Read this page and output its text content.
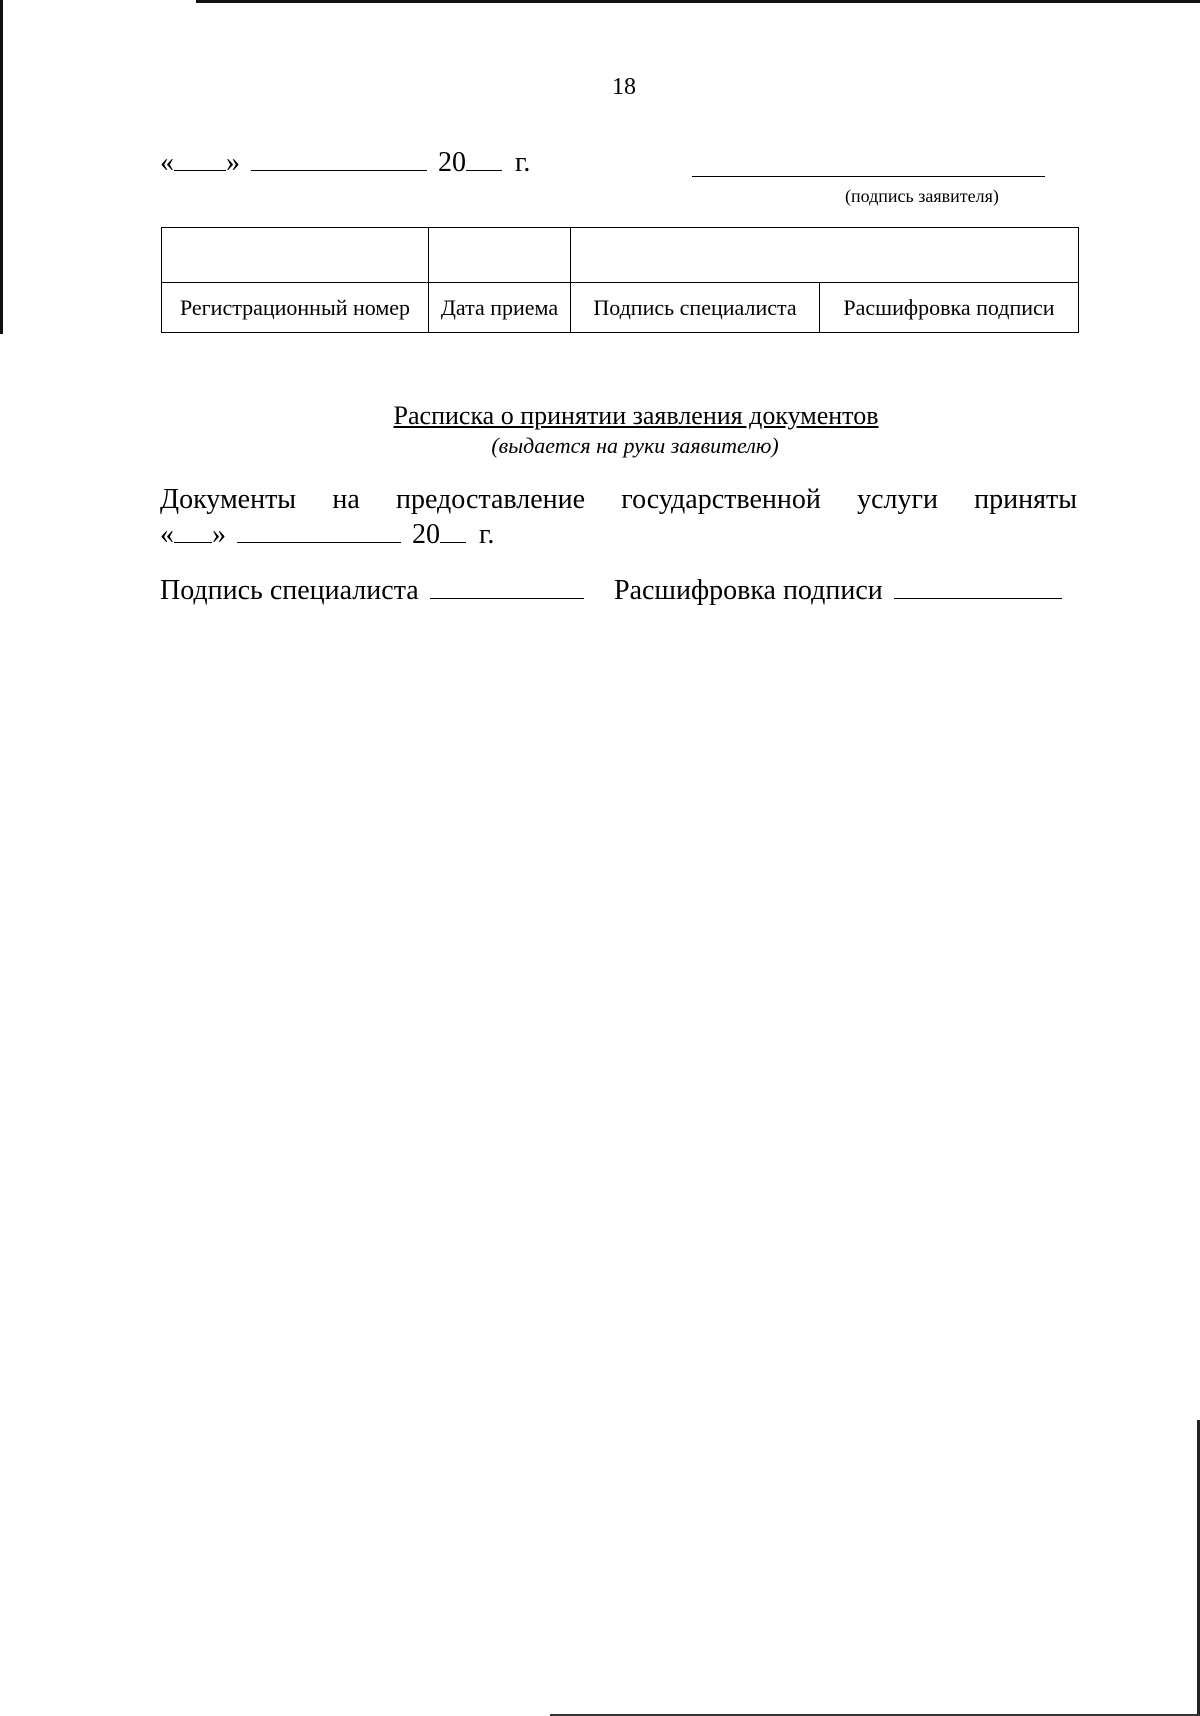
18
« »	20 г.
(подпись заявителя)

Регистрационный номер	Дата приема	Подпись специалиста	Расшифровка подписи
Расписка о принятии заявления документов
(выдается на руки заявителю)
Документы на предоставление государственной услуги приняты
« »	20 г.
Подпись специалиста	Расшифровка подписи
